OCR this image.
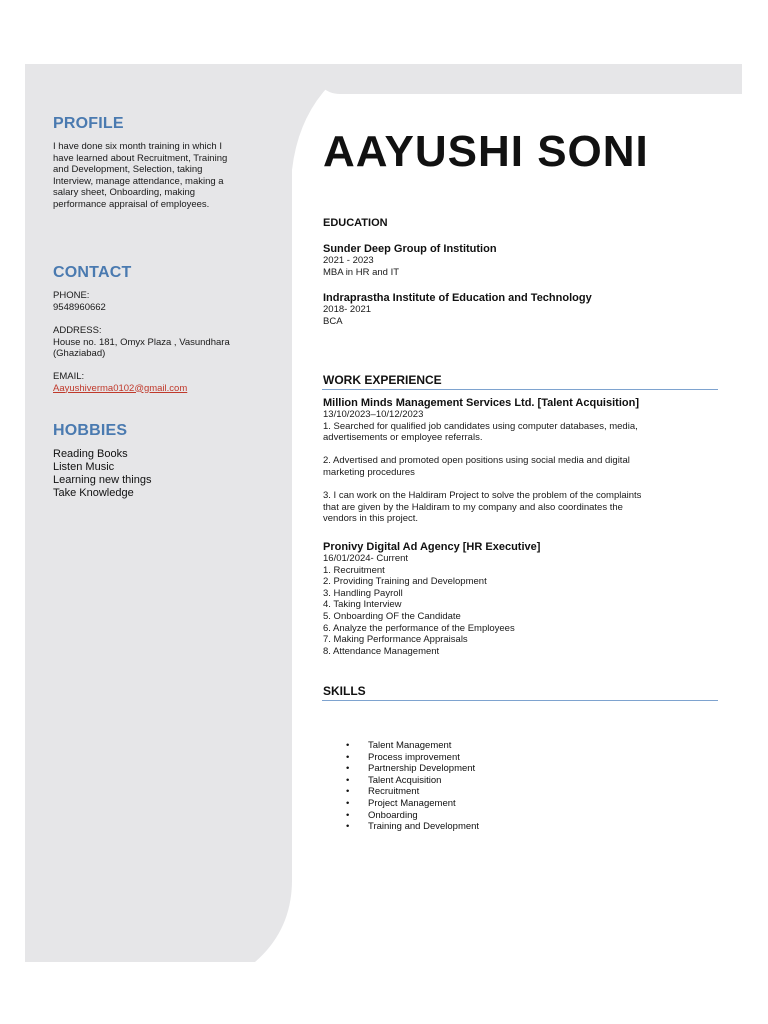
PROFILE
I have done six month training in which I
have learned about Recruitment, Training
and Development, Selection, taking
Interview, manage attendance, making a
salary sheet, Onboarding, making
performance appraisal of employees.
CONTACT
PHONE:
9548960662
ADDRESS:
House no. 181, Omyx Plaza , Vasundhara
(Ghaziabad)
EMAIL:
Aayushiverma0102@gmail.com
HOBBIES
Reading Books
Listen Music
Learning new things
Take Knowledge
AAYUSHI SONI
EDUCATION
Sunder Deep Group of Institution
2021 - 2023
MBA in HR and IT
Indraprastha Institute of Education and Technology
2018- 2021
BCA
WORK EXPERIENCE
Million Minds Management Services Ltd. [Talent Acquisition]
13/10/2023–10/12/2023
1. Searched for qualified job candidates using computer databases, media,
advertisements or employee referrals.
2. Advertised and promoted open positions using social media and digital
marketing procedures
3. I can work on the Haldiram Project to solve the problem of the complaints
that are given by the Haldiram to my company and also coordinates the
vendors in this project.
Pronivy Digital Ad Agency [HR Executive]
16/01/2024- Current
1. Recruitment
2. Providing Training and Development
3. Handling Payroll
4. Taking Interview
5. Onboarding OF the Candidate
6. Analyze the performance of the Employees
7. Making Performance Appraisals
8. Attendance Management
SKILLS
• Talent Management
• Process improvement
• Partnership Development
• Talent Acquisition
• Recruitment
• Project Management
• Onboarding
• Training and Development
